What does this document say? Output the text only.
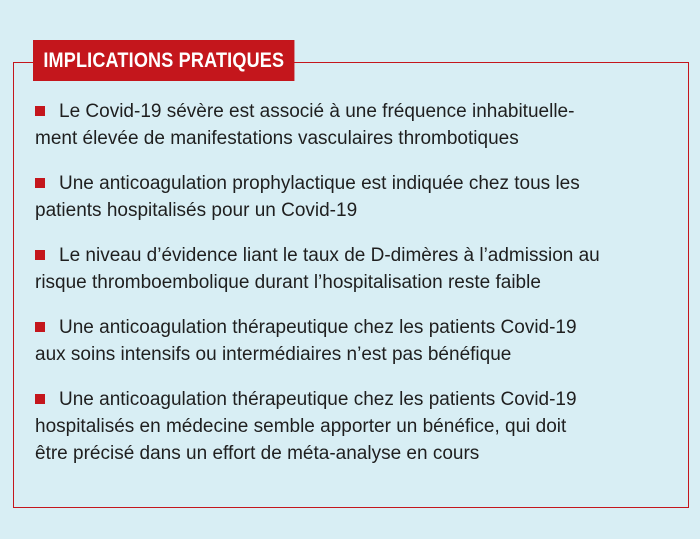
IMPLICATIONS PRATIQUES
Le Covid-19 sévère est associé à une fréquence inhabituelle-
ment élevée de manifestations vasculaires thrombotiques
Une anticoagulation prophylactique est indiquée chez tous les
patients hospitalisés pour un Covid-19
Le niveau d’évidence liant le taux de D-dimères à l’admission au
risque thromboembolique durant l’hospitalisation reste faible
Une anticoagulation thérapeutique chez les patients Covid-19
aux soins intensifs ou intermédiaires n’est pas bénéfique
Une anticoagulation thérapeutique chez les patients Covid-19
hospitalisés en médecine semble apporter un bénéfice, qui doit
être précisé dans un effort de méta-analyse en cours
